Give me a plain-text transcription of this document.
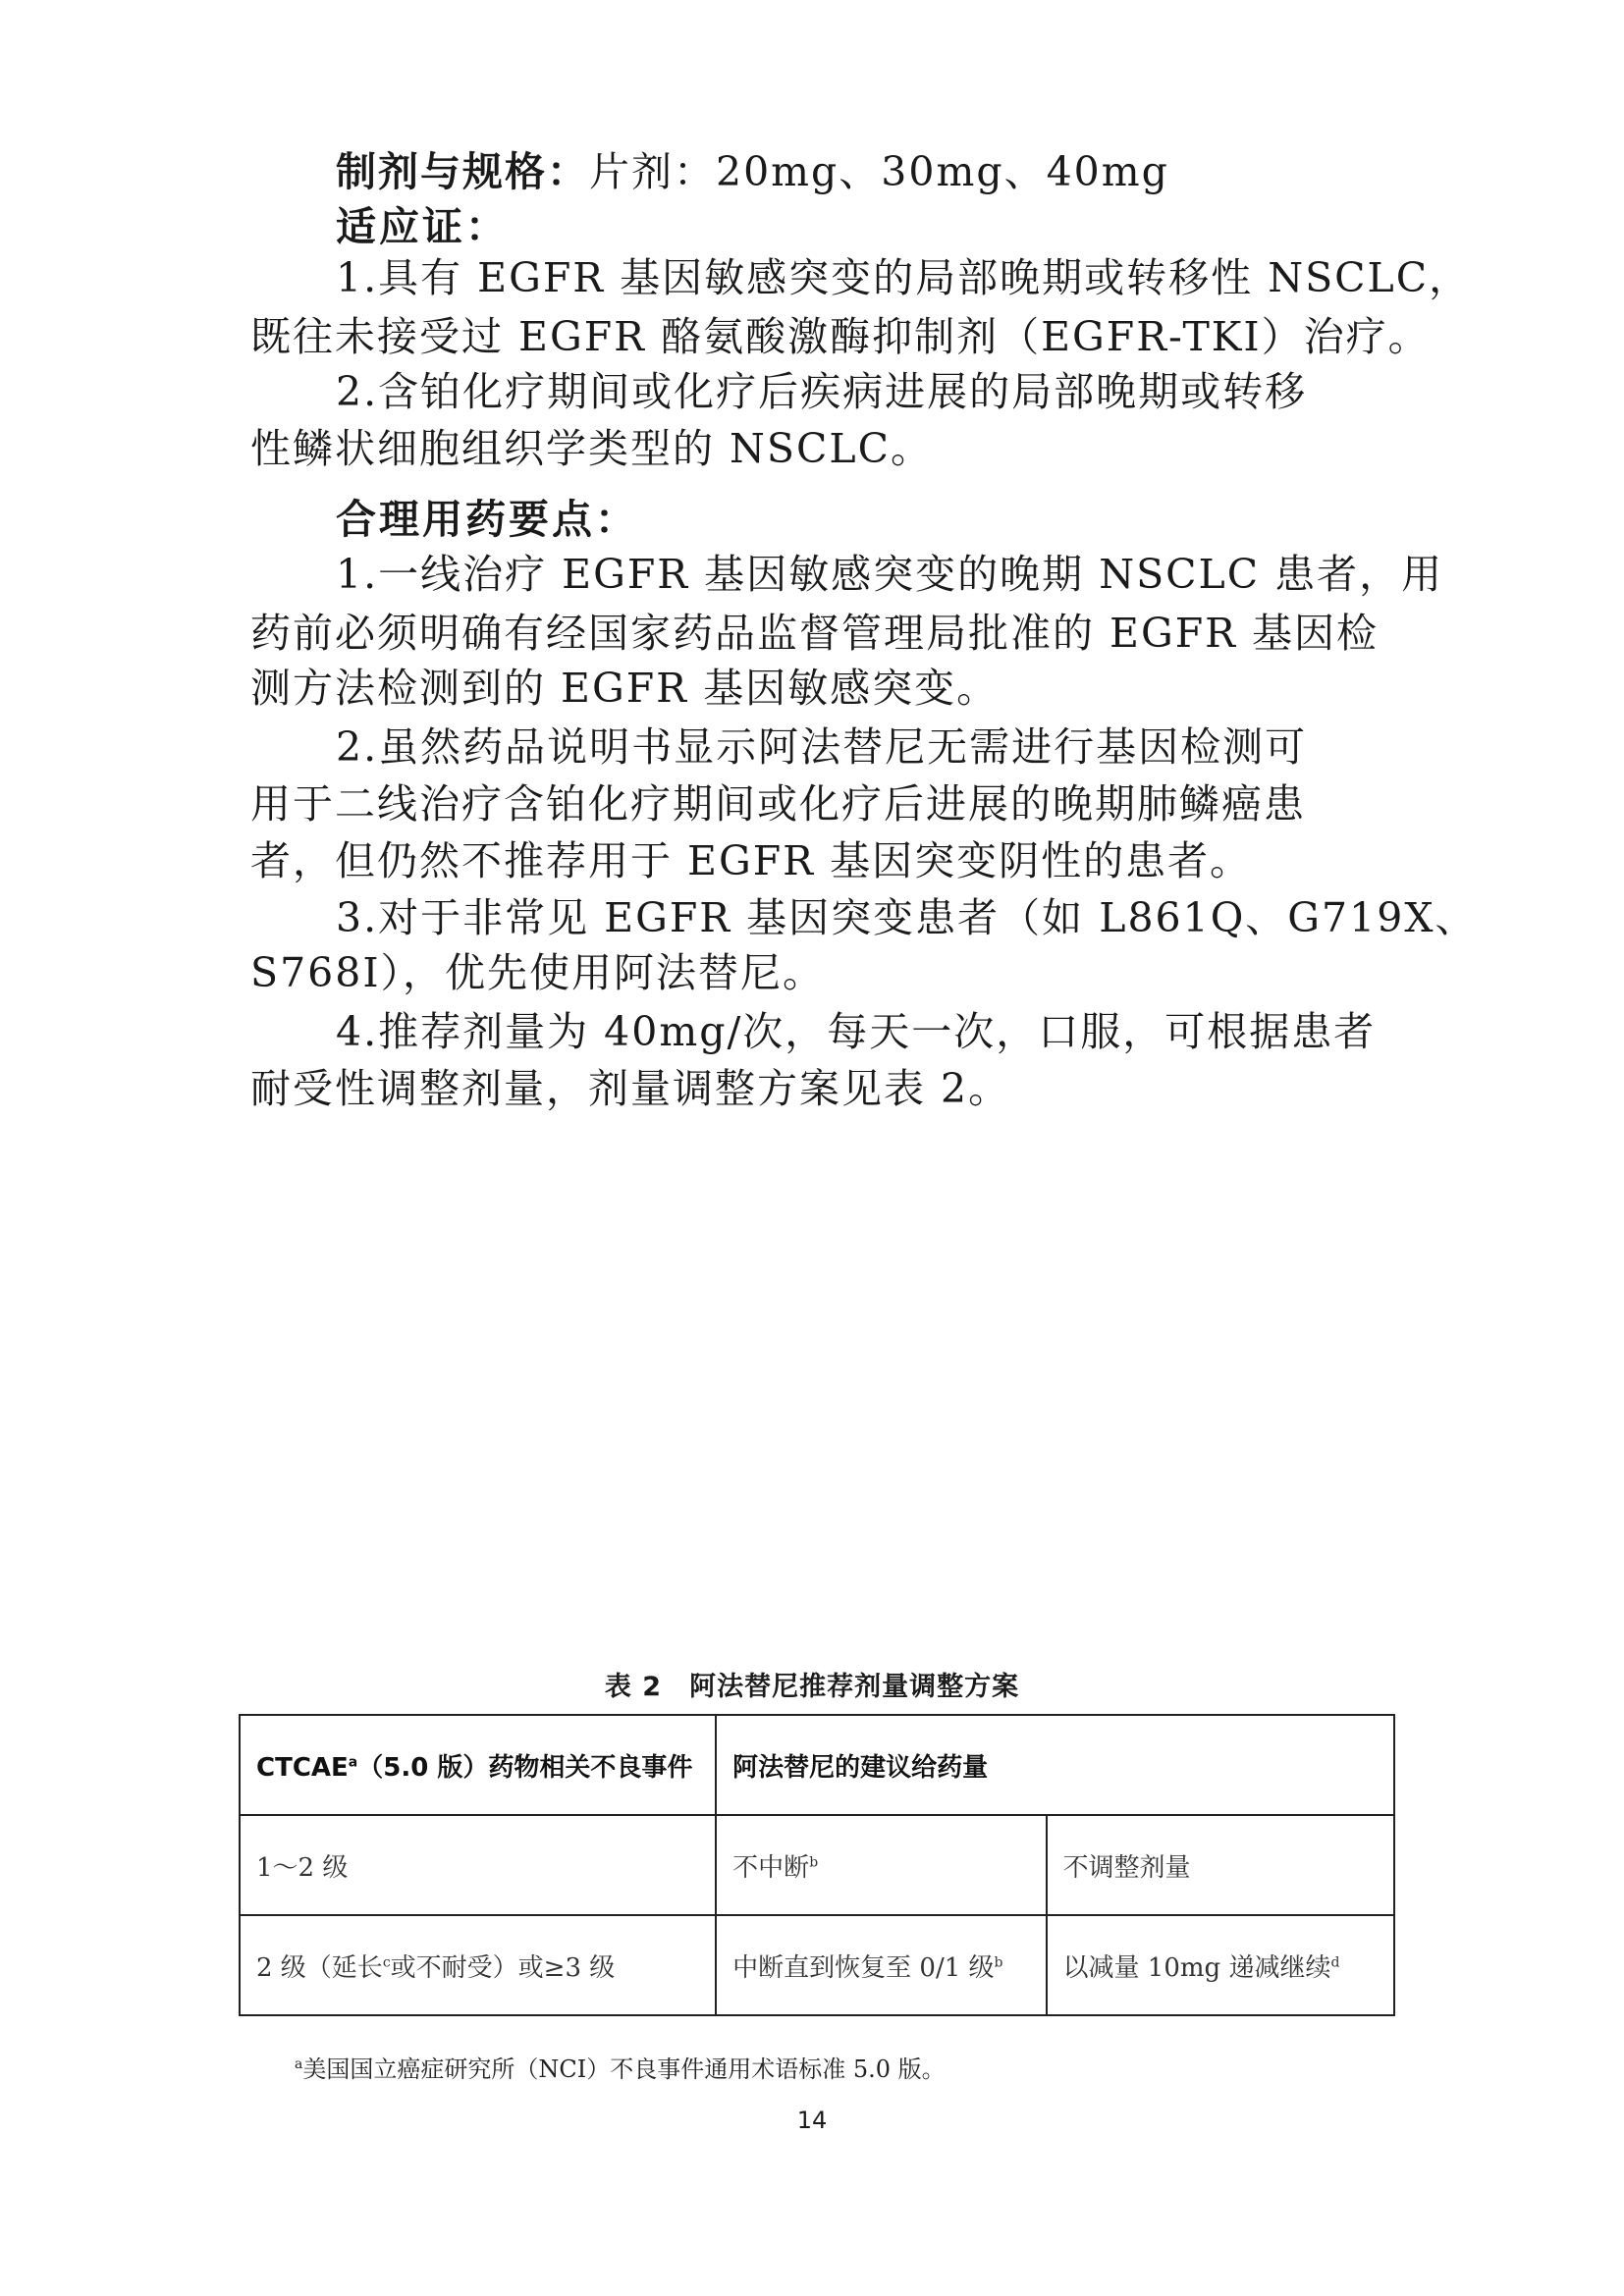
制剂与规格：片剂：20mg、30mg、40mg

适应证：

1.具有 EGFR 基因敏感突变的局部晚期或转移性 NSCLC，

既往未接受过 EGFR 酪氨酸激酶抑制剂（EGFR-TKI）治疗。

2.含铂化疗期间或化疗后疾病进展的局部晚期或转移

性鳞状细胞组织学类型的 NSCLC。

合理用药要点：

1.一线治疗 EGFR 基因敏感突变的晚期 NSCLC 患者，用

药前必须明确有经国家药品监督管理局批准的 EGFR 基因检

测方法检测到的 EGFR 基因敏感突变。

2.虽然药品说明书显示阿法替尼无需进行基因检测可

用于二线治疗含铂化疗期间或化疗后进展的晚期肺鳞癌患

者，但仍然不推荐用于 EGFR 基因突变阴性的患者。

3.对于非常见 EGFR 基因突变患者（如 L861Q、G719X、

S768I），优先使用阿法替尼。

4.推荐剂量为 40mg/次，每天一次，口服，可根据患者

耐受性调整剂量，剂量调整方案见表 2。

表 2　阿法替尼推荐剂量调整方案

CTCAE$^a$（5.0 版）药物相关不良事件	阿法替尼的建议给药量	
1～2 级	不中断$^b$	不调整剂量
2 级（延长$^c$或不耐受）或≥3 级	中断直到恢复至 0/1 级$^b$	以减量 10mg 递减继续$^d$

$^a$美国国立癌症研究所（NCI）不良事件通用术语标准 5.0 版。

14
